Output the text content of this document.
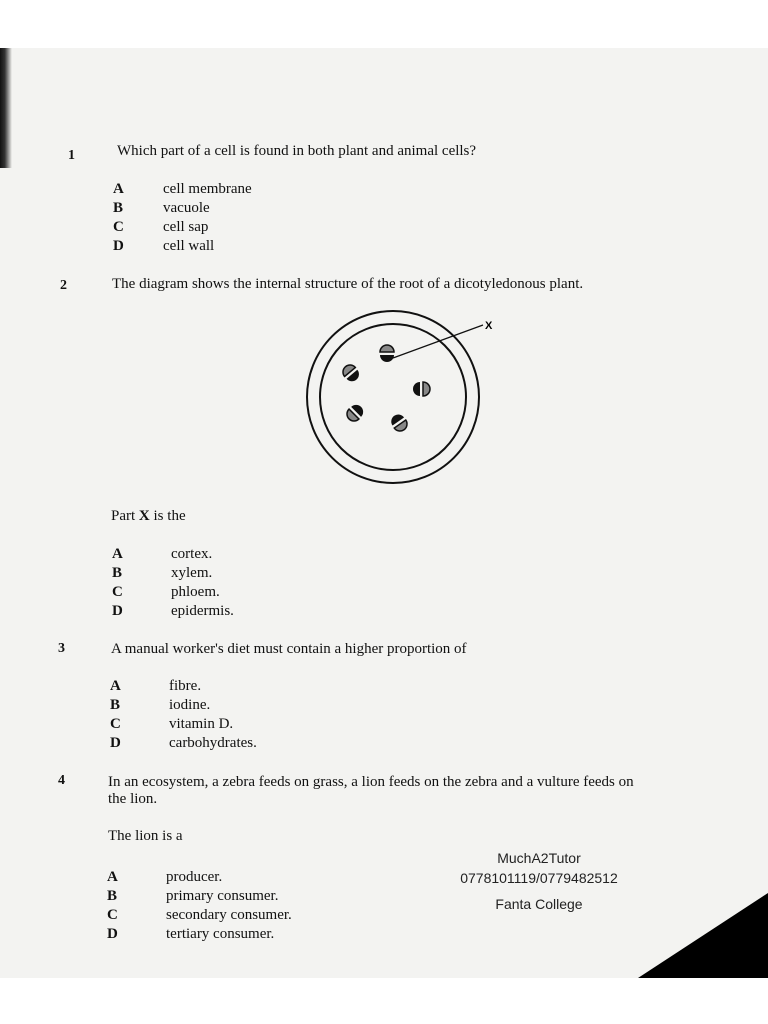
1	Which part of a cell is found in both plant and animal cells?
A	cell membrane
B	vacuole
C	cell sap
D	cell wall
2	The diagram shows the internal structure of the root of a dicotyledonous plant.
X
Part X is the
A	cortex.
B	xylem.
C	phloem.
D	epidermis.
3	A manual worker's diet must contain a higher proportion of
A	fibre.
B	iodine.
C	vitamin D.
D	carbohydrates.
4	In an ecosystem, a zebra feeds on grass, a lion feeds on the zebra and a vulture feeds on
the lion.
The lion is a
A	producer.
B	primary consumer.
C	secondary consumer.
D	tertiary consumer.
MuchA2Tutor
0778101119/0779482512
Fanta College
